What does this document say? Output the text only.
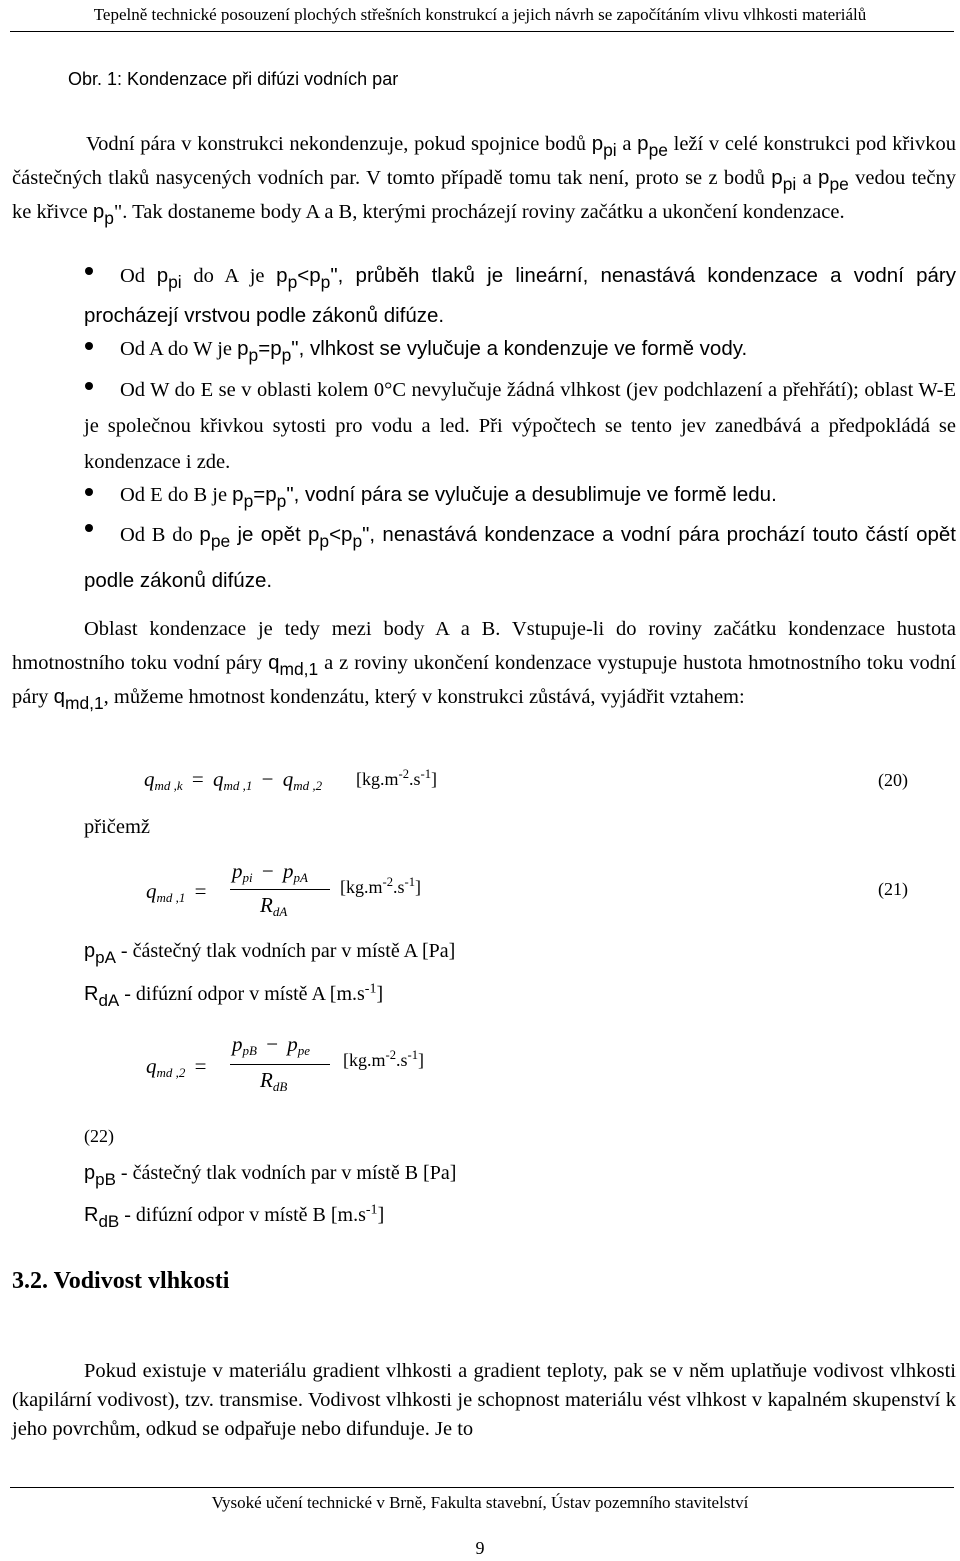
Tepelně technické posouzení plochých střešních konstrukcí a jejich návrh se započítáním vlivu vlhkosti materiálů
Obr. 1: Kondenzace při difúzi vodních par
Vodní pára v konstrukci nekondenzuje, pokud spojnice bodů $p_{pi}$ a $p_{pe}$ leží v celé konstrukci pod křivkou částečných tlaků nasycených vodních par. V tomto případě tomu tak není, proto se z bodů $p_{pi}$ a $p_{pe}$ vedou tečny ke křivce $p_p$". Tak dostaneme body A a B, kterými procházejí roviny začátku a ukončení kondenzace.
Od $p_{pi}$ do A je $p_p<p_p$", průběh tlaků je lineární, nenastává kondenzace a vodní páry procházejí vrstvou podle zákonů difúze.
Od A do W je $p_p=p_p$", vlhkost se vylučuje a kondenzuje ve formě vody.
Od W do E se v oblasti kolem 0°C nevylučuje žádná vlhkost (jev podchlazení a přehřátí); oblast W-E je společnou křivkou sytosti pro vodu a led. Při výpočtech se tento jev zanedbává a předpokládá se kondenzace i zde.
Od E do B je $p_p=p_p$", vodní pára se vylučuje a desublimuje ve formě ledu.
Od B do $p_{pe}$ je opět $p_p<p_p$", nenastává kondenzace a vodní pára prochází touto částí opět podle zákonů difúze.
Oblast kondenzace je tedy mezi body A a B. Vstupuje-li do roviny začátku kondenzace hustota hmotnostního toku vodní páry $q_{md,1}$ a z roviny ukončení kondenzace vystupuje hustota hmotnostního toku vodní páry $q_{md,1}$, můžeme hmotnost kondenzátu, který v konstrukci zůstává, vyjádřit vztahem:
$q_{md ,k} = q_{md ,1} - q_{md ,2}$ $[kg.m^{-2}.s^{-1}]$	(20)
přičemž
$q_{md ,1}$ =
$p_{pi} - p_{pA}$
$R_{dA}$
$[kg.m^{-2}.s^{-1}]$	(21)
$p_{pA}$ - částečný tlak vodních par v místě A [Pa]
$R_{dA}$ - difúzní odpor v místě A $[m.s^{-1}]$
$q_{md ,2}$ =
$p_{pB} - p_{pe}$
$R_{dB}$
$[kg.m^{-2}.s^{-1}]$
(22)
$p_{pB}$ - částečný tlak vodních par v místě B [Pa]
$R_{dB}$ - difúzní odpor v místě B $[m.s^{-1}]$
3.2. Vodivost vlhkosti
Pokud existuje v materiálu gradient vlhkosti a gradient teploty, pak se v něm uplatňuje vodivost vlhkosti (kapilární vodivost), tzv. transmise. Vodivost vlhkosti je schopnost materiálu vést vlhkost v kapalném skupenství k jeho povrchům, odkud se odpařuje nebo difunduje. Je to
Vysoké učení technické v Brně, Fakulta stavební, Ústav pozemního stavitelství
9
